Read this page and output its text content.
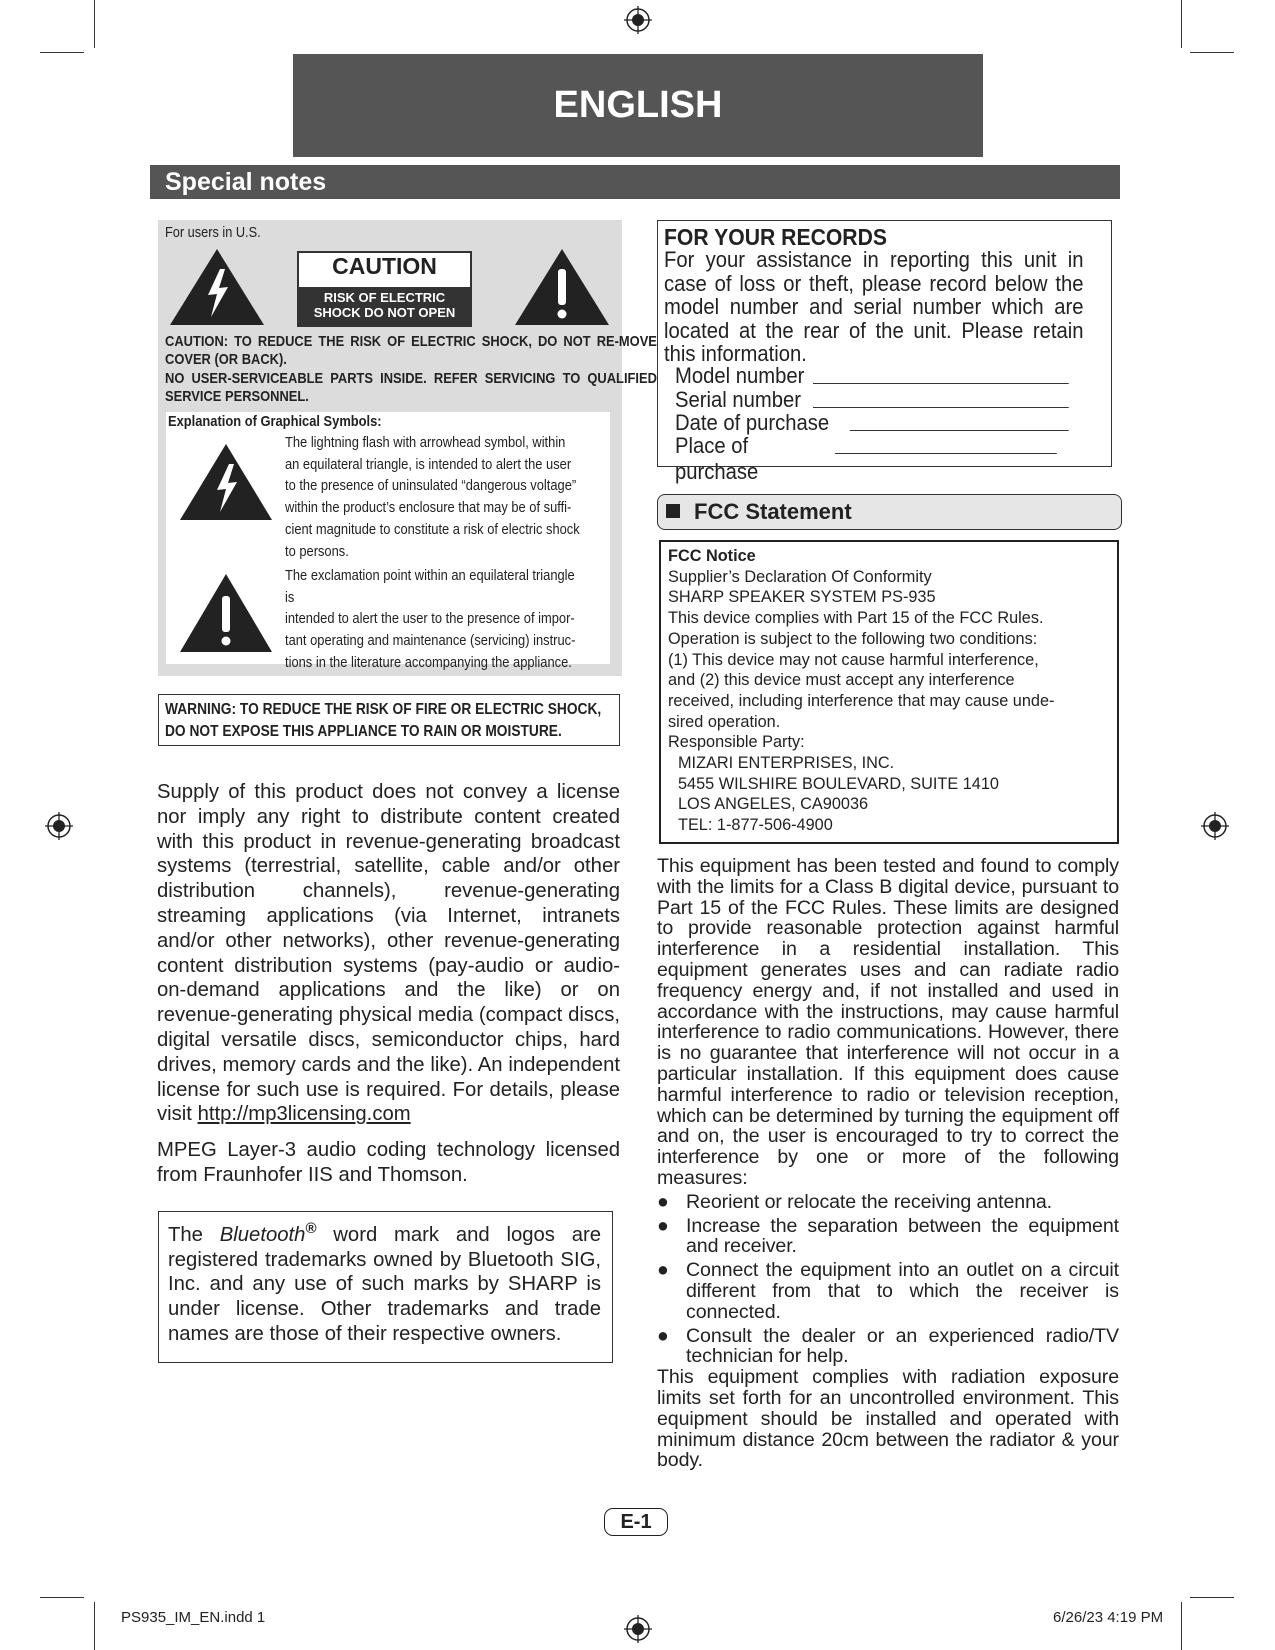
ENGLISH
Special notes
For users in U.S.
CAUTION
RISK OF ELECTRIC
SHOCK DO NOT OPEN
CAUTION: TO REDUCE THE RISK OF ELECTRIC SHOCK, DO NOT RE-MOVE COVER (OR BACK).
NO USER-SERVICEABLE PARTS INSIDE. REFER SERVICING TO QUALIFIED SERVICE PERSONNEL.
Explanation of Graphical Symbols:
The lightning flash with arrowhead symbol, within
an equilateral triangle, is intended to alert the user
to the presence of uninsulated “dangerous voltage”
within the product’s enclosure that may be of suffi-
cient magnitude to constitute a risk of electric shock
to persons.
The exclamation point within an equilateral triangle is
intended to alert the user to the presence of impor-
tant operating and maintenance (servicing) instruc-
tions in the literature accompanying the appliance.
WARNING: TO REDUCE THE RISK OF FIRE OR ELECTRIC SHOCK,
DO NOT EXPOSE THIS APPLIANCE TO RAIN OR MOISTURE.
Supply of this product does not convey a license nor imply any right to distribute content created with this product in revenue-generating broadcast systems (terrestrial, satellite, cable and/or other distribution channels), revenue-generating streaming applications (via Internet, intranets and/or other networks), other revenue-generating content distribution systems (pay-audio or audio-on-demand applications and the like) or on revenue-generating physical media (compact discs, digital versatile discs, semiconductor chips, hard drives, memory cards and the like). An independent license for such use is required. For details, please visit http://mp3licensing.com
MPEG Layer-3 audio coding technology licensed from Fraunhofer IIS and Thomson.
The Bluetooth® word mark and logos are registered trademarks owned by Bluetooth SIG, Inc. and any use of such marks by SHARP is under license. Other trademarks and trade names are those of their respective owners.
FOR YOUR RECORDS
For your assistance in reporting this unit in case of loss or theft, please record below the model number and serial number which are located at the rear of the unit. Please retain this information.
Model number
Serial number
Date of purchase
Place of purchase
FCC Statement
FCC Notice
Supplier’s Declaration Of Conformity
SHARP SPEAKER SYSTEM PS-935
This device complies with Part 15 of the FCC Rules.
Operation is subject to the following two conditions:
(1) This device may not cause harmful interference,
and (2) this device must accept any interference
received, including interference that may cause unde-
sired operation.
Responsible Party:
MIZARI ENTERPRISES, INC.
5455 WILSHIRE BOULEVARD, SUITE 1410
LOS ANGELES, CA90036
TEL: 1-877-506-4900
This equipment has been tested and found to comply with the limits for a Class B digital device, pursuant to Part 15 of the FCC Rules. These limits are designed to provide reasonable protection against harmful interference in a residential installation. This equipment generates uses and can radiate radio frequency energy and, if not installed and used in accordance with the instructions, may cause harmful interference to radio communications. However, there is no guarantee that interference will not occur in a particular installation. If this equipment does cause harmful interference to radio or television reception, which can be determined by turning the equipment off and on, the user is encouraged to try to correct the interference by one or more of the following measures:
● Reorient or relocate the receiving antenna.
● Increase the separation between the equipment and receiver.
● Connect the equipment into an outlet on a circuit different from that to which the receiver is connected.
● Consult the dealer or an experienced radio/TV technician for help.
This equipment complies with radiation exposure limits set forth for an uncontrolled environment. This equipment should be installed and operated with minimum distance 20cm between the radiator & your body.
E-1
PS935_IM_EN.indd 1	6/26/23 4:19 PM
